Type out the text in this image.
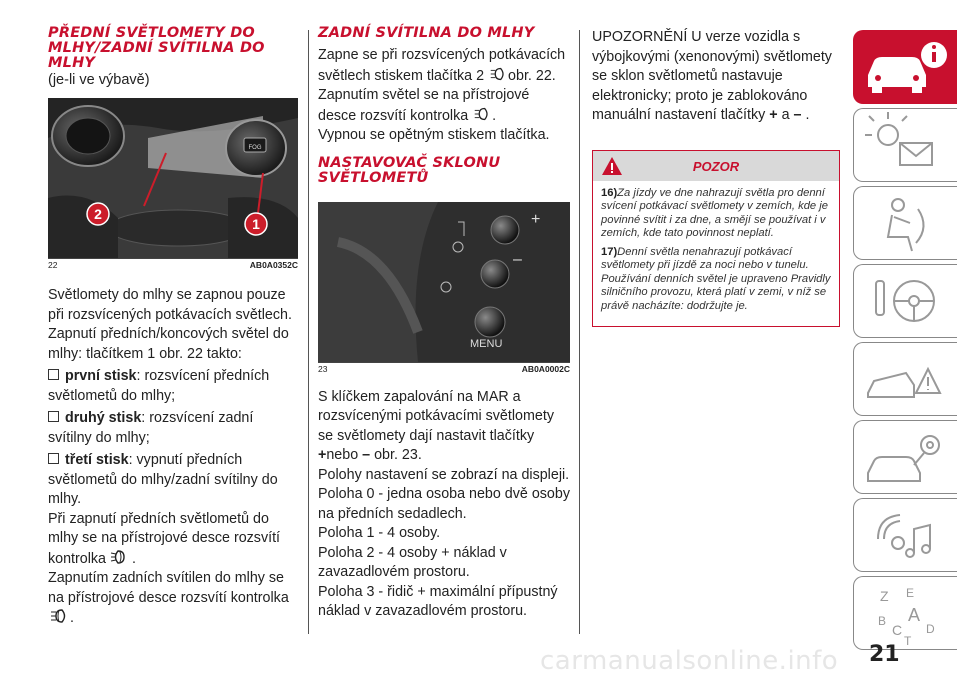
PŘEDNÍ SVĚTLOMETY DO MLHY/ZADNÍ SVÍTILNA DO MLHY
(je-li ve výbavě)
FOG
2
1
22	AB0A0352C

Světlomety do mlhy se zapnou pouze při rozsvícených potkávacích světlech. Zapnutí předních/koncových světel do mlhy: tlačítkem 1 obr. 22 takto:

první stisk: rozsvícení předních světlometů do mlhy;

druhý stisk: rozsvícení zadní svítilny do mlhy;

třetí stisk: vypnutí předních světlometů do mlhy/zadní svítilny do mlhy.

Při zapnutí předních světlometů do mlhy se na přístrojové desce rozsvítí kontrolka .

Zapnutím zadních svítilen do mlhy se na přístrojové desce rozsvítí kontrolka
.

ZADNÍ SVÍTILNA DO MLHY

Zapne se při rozsvícených potkávacích světlech stiskem tlačítka 2 obr. 22. Zapnutím světel se na přístrojové desce rozsvítí kontrolka .

Vypnou se opětným stiskem tlačítka.

NASTAVOVAČ SKLONU SVĚTLOMETŮ
+
–
MENU
23	AB0A0002C

S klíčkem zapalování na MAR a rozsvícenými potkávacími světlomety se světlomety dají nastavit tlačítky +nebo – obr. 23.

Polohy nastavení se zobrazí na displeji.

Poloha 0 - jedna osoba nebo dvě osoby na předních sedadlech.

Poloha 1 - 4 osoby.

Poloha 2 - 4 osoby + náklad v zavazadlovém prostoru.

Poloha 3 - řidič + maximální přípustný náklad v zavazadlovém prostoru.

UPOZORNĚNÍ U verze vozidla s výbojkovými (xenonovými) světlomety se sklon světlometů nastavuje elektronicky; proto je zablokováno manuální nastavení tlačítky + a – .

POZOR

16)Za jízdy ve dne nahrazují světla pro denní svícení potkávací světlomety v zemích, kde je povinné svítit i za dne, a smějí se používat i v zemích, kde tato povinnost neplatí.

17)Denní světla nenahrazují potkávací světlomety při jízdě za noci nebo v tunelu. Používání denních světel je upraveno Pravidly silničního provozu, která platí v zemi, v níž se právě nacházíte: dodržujte je.

Z E
B A
C D
T
carmanualsonline.info 21
